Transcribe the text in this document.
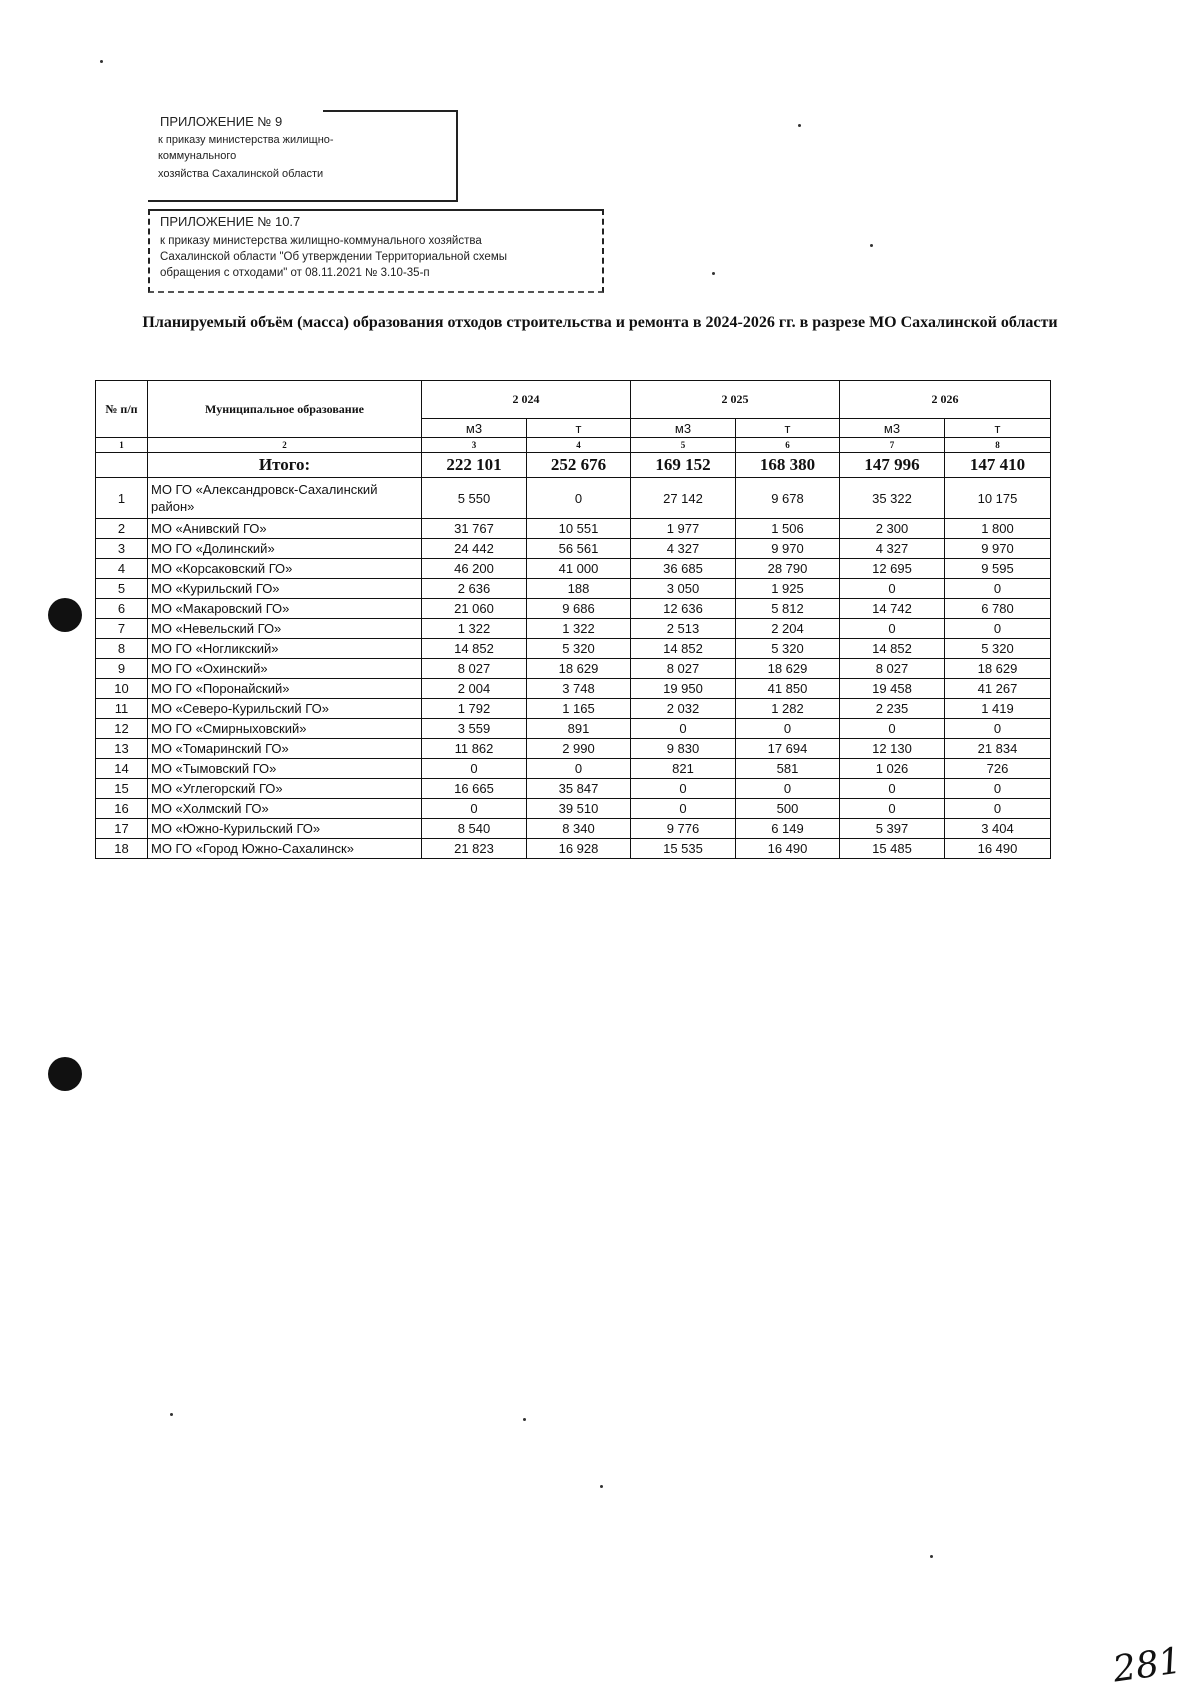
ПРИЛОЖЕНИЕ № 9
к приказу министерства жилищно-
коммунального
хозяйства Сахалинской области
ПРИЛОЖЕНИЕ № 10.7
к приказу министерства жилищно-коммунального хозяйства
Сахалинской области "Об утверждении Территориальной схемы
обращения с отходами" от 08.11.2021 № 3.10-35-п
Планируемый объём (масса) образования отходов строительства и ремонта в 2024-2026 гг. в разрезе МО Сахалинской области
№ п/п	Муниципальное образование	2 024		2 025		2 026	
		м3	т	м3	т	м3	т
1	2	3	4	5	6	7	8
	Итого:	222 101	252 676	169 152	168 380	147 996	147 410
1	МО ГО «Александровск-Сахалинский район»	5 550	0	27 142	9 678	35 322	10 175
2	МО «Анивский ГО»	31 767	10 551	1 977	1 506	2 300	1 800
3	МО ГО «Долинский»	24 442	56 561	4 327	9 970	4 327	9 970
4	МО «Корсаковский ГО»	46 200	41 000	36 685	28 790	12 695	9 595
5	МО «Курильский ГО»	2 636	188	3 050	1 925	0	0
6	МО «Макаровский ГО»	21 060	9 686	12 636	5 812	14 742	6 780
7	МО «Невельский ГО»	1 322	1 322	2 513	2 204	0	0
8	МО ГО «Ногликский»	14 852	5 320	14 852	5 320	14 852	5 320
9	МО ГО «Охинский»	8 027	18 629	8 027	18 629	8 027	18 629
10	МО ГО «Поронайский»	2 004	3 748	19 950	41 850	19 458	41 267
11	МО «Северо-Курильский ГО»	1 792	1 165	2 032	1 282	2 235	1 419
12	МО ГО «Смирныховский»	3 559	891	0	0	0	0
13	МО «Томаринский ГО»	11 862	2 990	9 830	17 694	12 130	21 834
14	МО «Тымовский ГО»	0	0	821	581	1 026	726
15	МО «Углегорский ГО»	16 665	35 847	0	0	0	0
16	МО «Холмский ГО»	0	39 510	0	500	0	0
17	МО «Южно-Курильский ГО»	8 540	8 340	9 776	6 149	5 397	3 404
18	МО ГО «Город Южно-Сахалинск»	21 823	16 928	15 535	16 490	15 485	16 490
281
